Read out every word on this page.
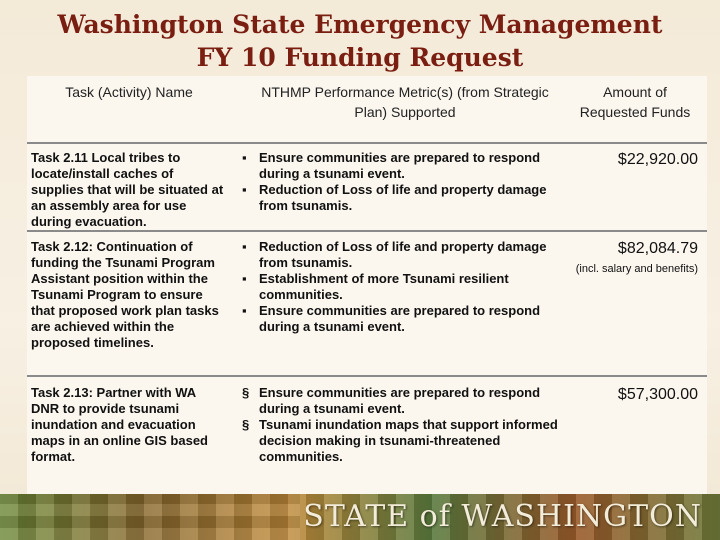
Washington State Emergency Management
FY 10 Funding Request
Task (Activity) Name	NTHMP Performance Metric(s) (from Strategic Plan) Supported
Amount of Requested Funds
Task 2.11 Local tribes to locate/install caches of supplies that will be situated at an assembly area for use during evacuation.
▪ Ensure communities are prepared to respond during a tsunami event.
▪ Reduction of Loss of life and property damage from tsunamis.
$22,920.00
Task 2.12: Continuation of funding the Tsunami Program Assistant position within the Tsunami Program to ensure that proposed work plan tasks are achieved within the proposed timelines.
▪ Reduction of Loss of life and property damage from tsunamis.
▪ Establishment of more Tsunami resilient communities.
▪ Ensure communities are prepared to respond during a tsunami event.
$82,084.79
(incl. salary and benefits)
Task 2.13: Partner with WA DNR to provide tsunami inundation and evacuation maps in an online GIS based format.
§ Ensure communities are prepared to respond during a tsunami event.
§ Tsunami inundation maps that support informed decision making in tsunami-threatened communities.
$57,300.00
STATE of WASHINGTON
